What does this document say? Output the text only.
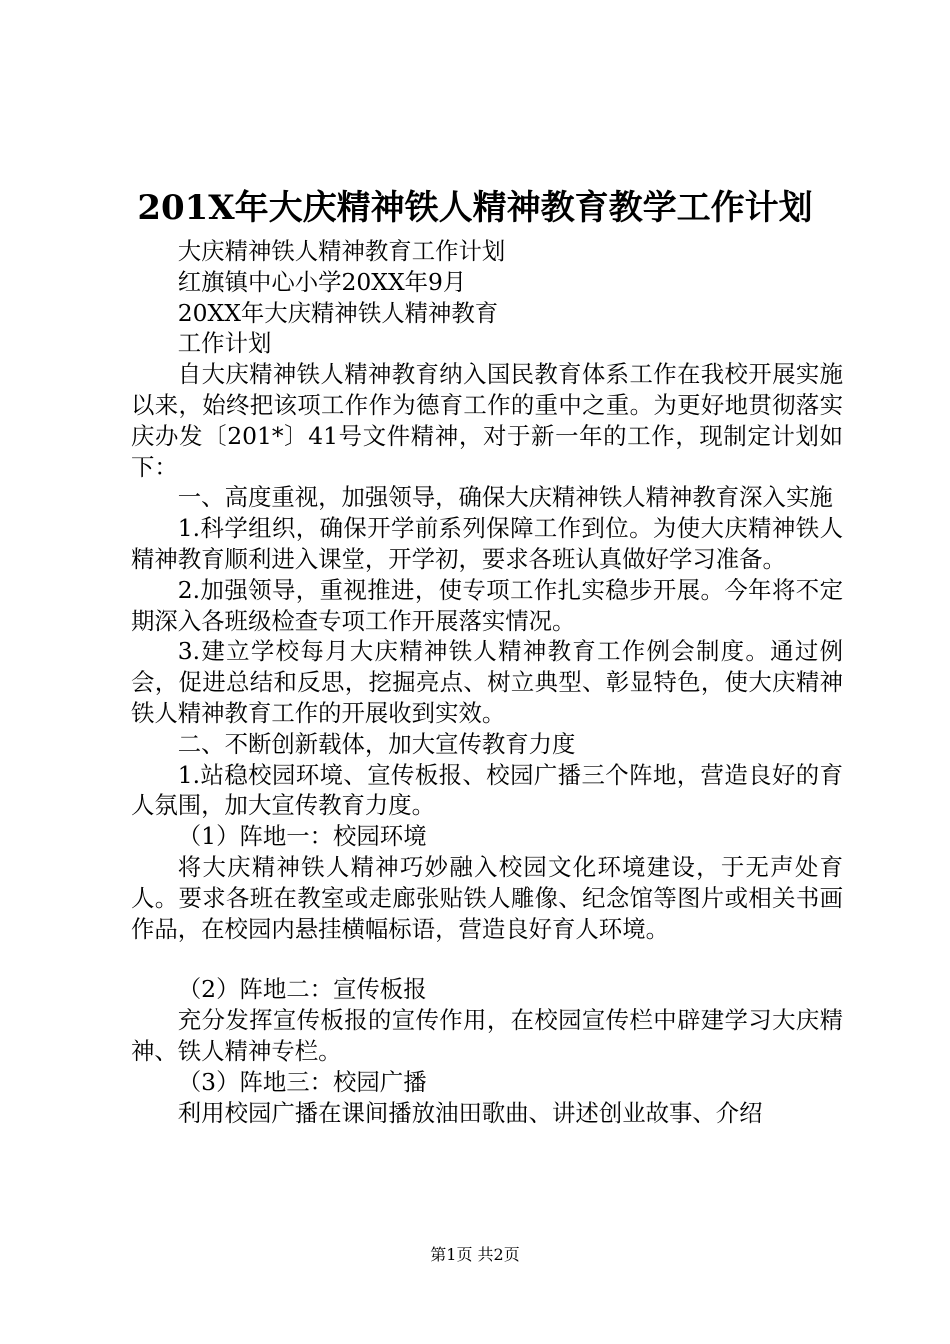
201X年大庆精神铁人精神教育教学工作计划

大庆精神铁人精神教育工作计划

红旗镇中心小学20XX年9月

20XX年大庆精神铁人精神教育

工作计划

自大庆精神铁人精神教育纳入国民教育体系工作在我校开展实施以来，始终把该项工作作为德育工作的重中之重。为更好地贯彻落实庆办发〔201*〕41号文件精神，对于新一年的工作，现制定计划如下：

一、高度重视，加强领导，确保大庆精神铁人精神教育深入实施

1.科学组织，确保开学前系列保障工作到位。为使大庆精神铁人精神教育顺利进入课堂，开学初，要求各班认真做好学习准备。

2.加强领导，重视推进，使专项工作扎实稳步开展。今年将不定期深入各班级检查专项工作开展落实情况。

3.建立学校每月大庆精神铁人精神教育工作例会制度。通过例会，促进总结和反思，挖掘亮点、树立典型、彰显特色，使大庆精神铁人精神教育工作的开展收到实效。

二、不断创新载体，加大宣传教育力度

1.站稳校园环境、宣传板报、校园广播三个阵地，营造良好的育人氛围，加大宣传教育力度。

（1）阵地一：校园环境

将大庆精神铁人精神巧妙融入校园文化环境建设，于无声处育人。要求各班在教室或走廊张贴铁人雕像、纪念馆等图片或相关书画作品，在校园内悬挂横幅标语，营造良好育人环境。

（2）阵地二：宣传板报

充分发挥宣传板报的宣传作用，在校园宣传栏中辟建学习大庆精神、铁人精神专栏。

（3）阵地三：校园广播

利用校园广播在课间播放油田歌曲、讲述创业故事、介绍

第1页 共2页
